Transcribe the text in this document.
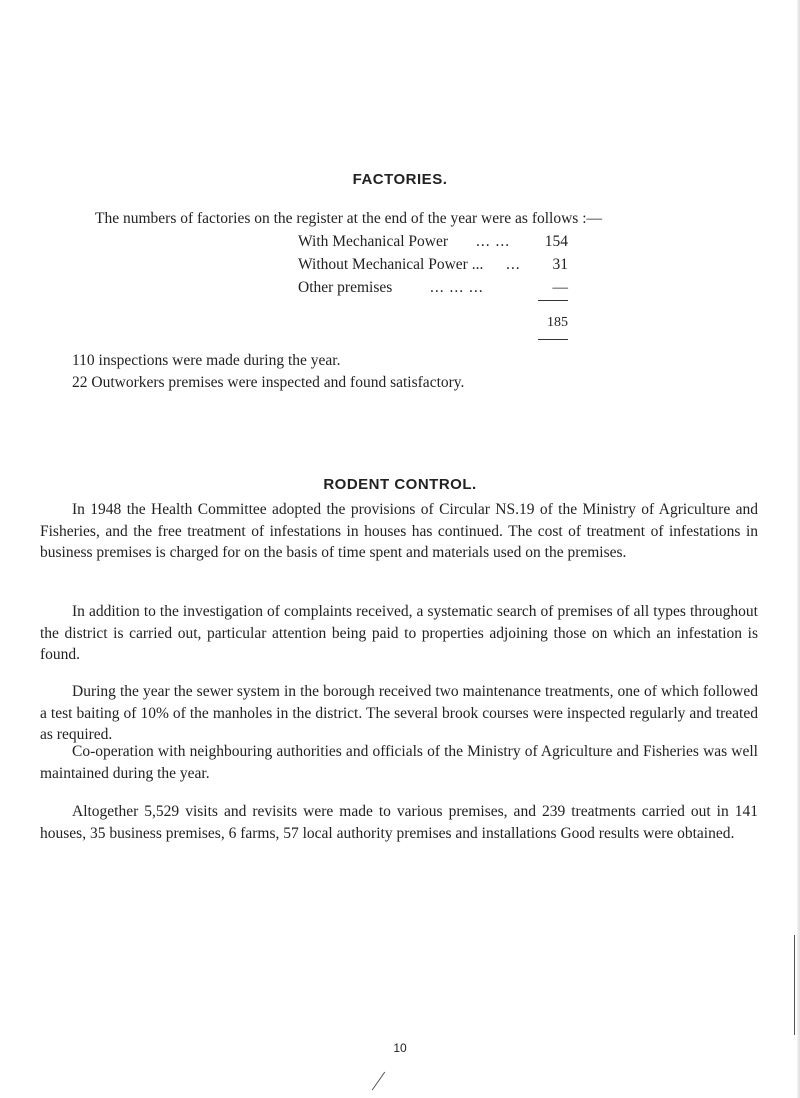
FACTORIES.
The numbers of factories on the register at the end of the year were as follows :—
With Mechanical Power ... ...	154
Without Mechanical Power ... ...	31
Other premises ... ... ...	—
185
110 inspections were made during the year.
22 Outworkers premises were inspected and found satisfactory.
RODENT CONTROL.

In 1948 the Health Committee adopted the provisions of Circular NS.19 of the Ministry of Agriculture and Fisheries, and the free treatment of infestations in houses has continued. The cost of treatment of infestations in business premises is charged for on the basis of time spent and materials used on the premises.

In addition to the investigation of complaints received, a systematic search of premises of all types throughout the district is carried out, particular attention being paid to properties adjoining those on which an infestation is found.

During the year the sewer system in the borough received two maintenance treatments, one of which followed a test baiting of 10% of the manholes in the district. The several brook courses were inspected regularly and treated as required.

Co-operation with neighbouring authorities and officials of the Ministry of Agriculture and Fisheries was well maintained during the year.

Altogether 5,529 visits and revisits were made to various premises, and 239 treatments carried out in 141 houses, 35 business premises, 6 farms, 57 local authority premises and installations Good results were obtained.

10
